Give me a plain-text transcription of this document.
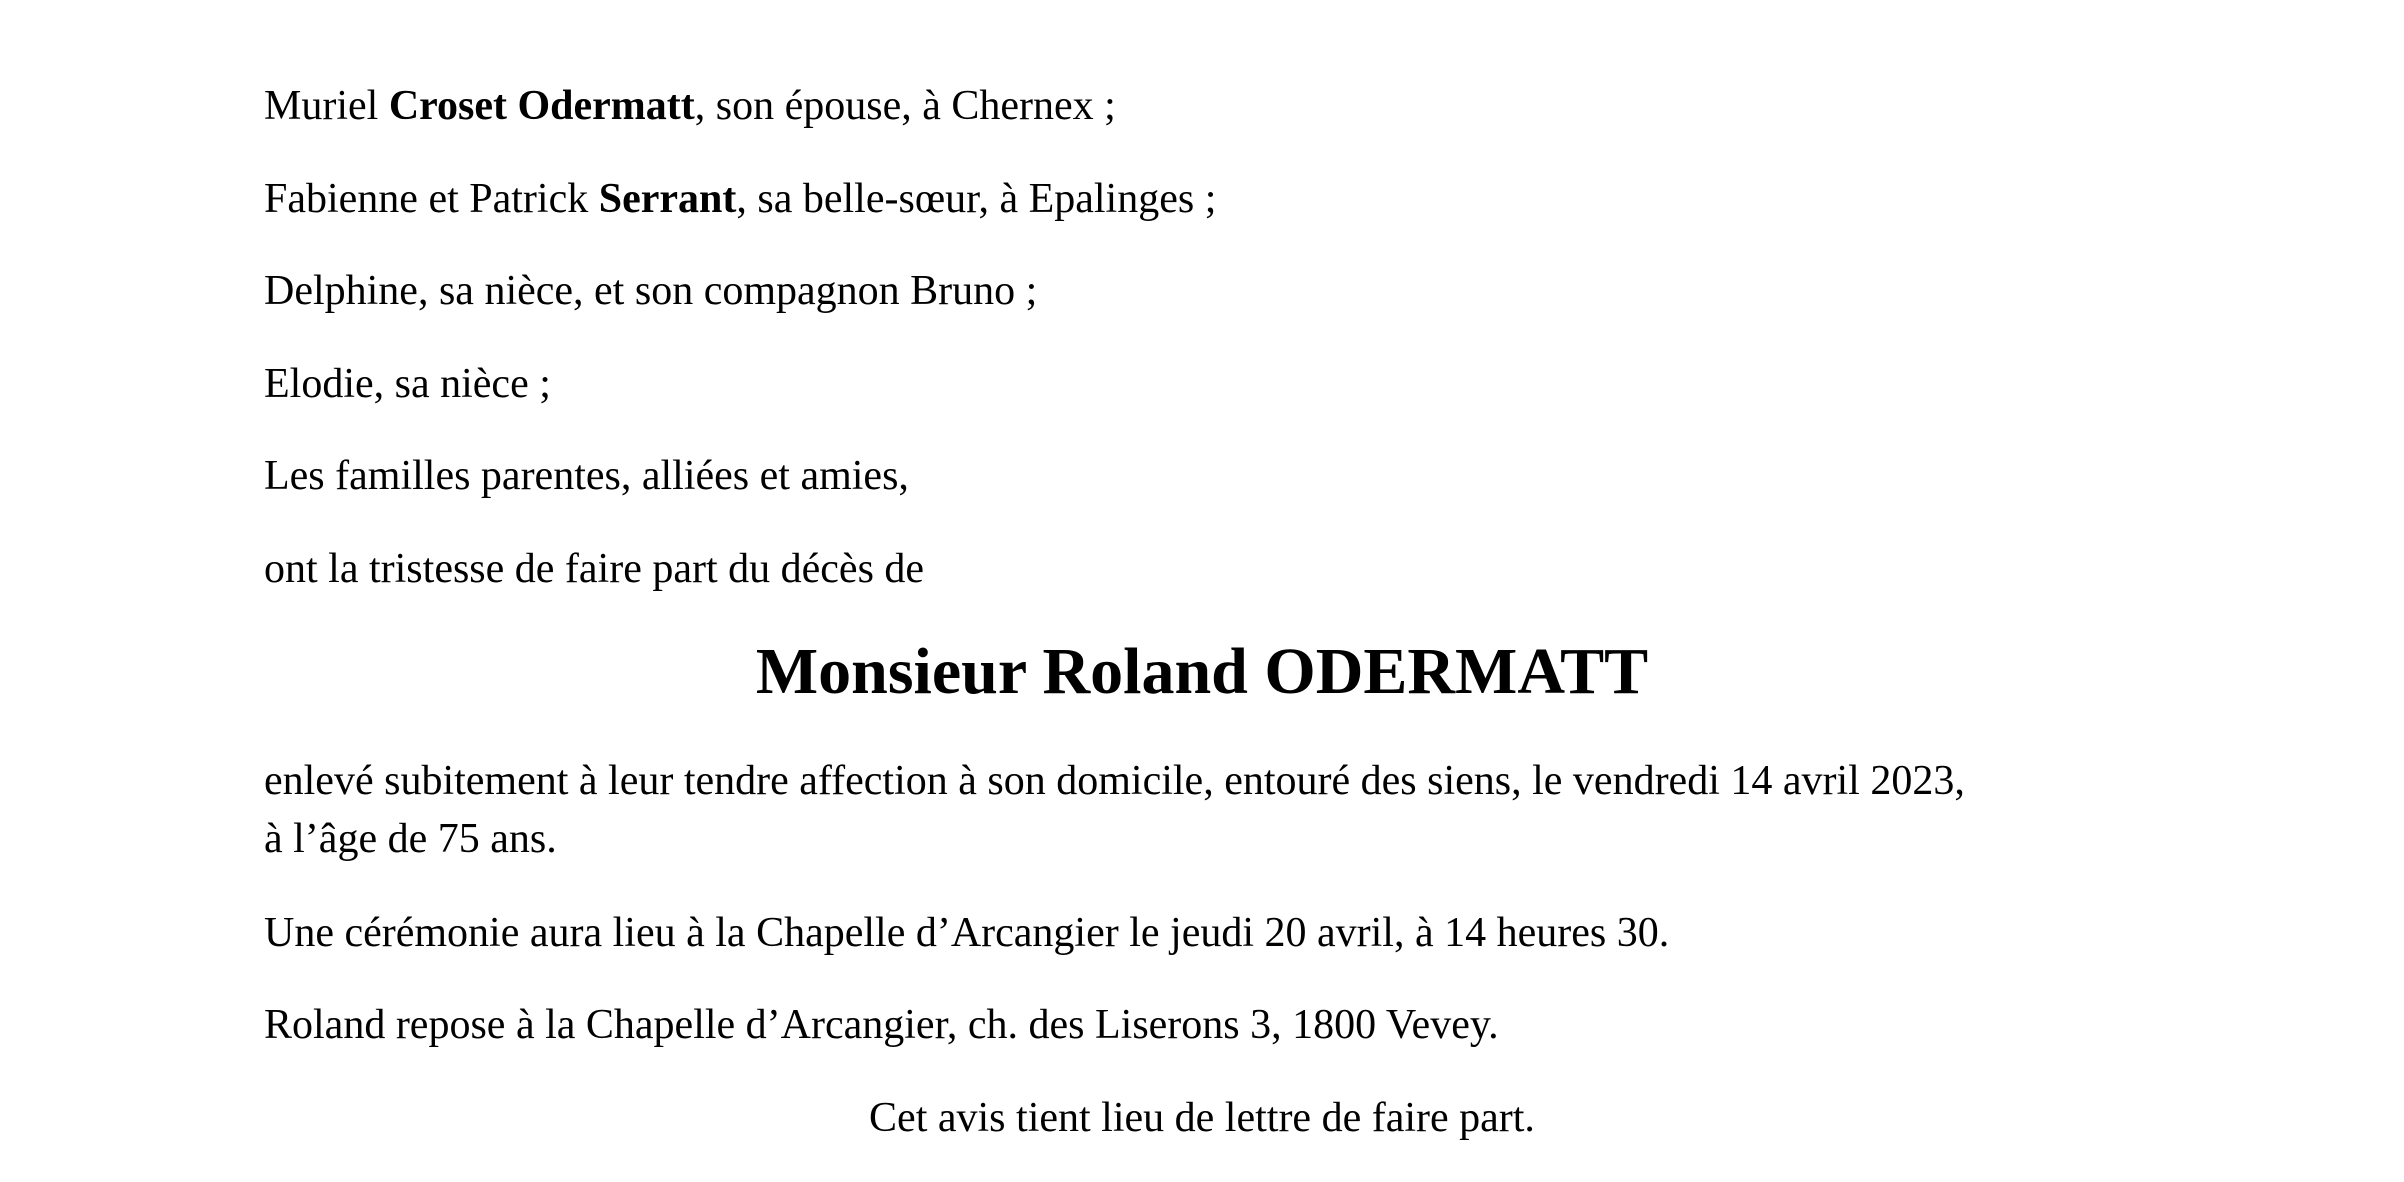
Muriel Croset Odermatt, son épouse, à Chernex ;
Fabienne et Patrick Serrant, sa belle-sœur, à Epalinges ;
Delphine, sa nièce, et son compagnon Bruno ;
Elodie, sa nièce ;
Les familles parentes, alliées et amies,
ont la tristesse de faire part du décès de
Monsieur Roland ODERMATT
enlevé subitement à leur tendre affection à son domicile, entouré des siens, le vendredi 14 avril 2023,
à l’âge de 75 ans.
Une cérémonie aura lieu à la Chapelle d’Arcangier le jeudi 20 avril, à 14 heures 30.
Roland repose à la Chapelle d’Arcangier, ch. des Liserons 3, 1800 Vevey.
Cet avis tient lieu de lettre de faire part.
